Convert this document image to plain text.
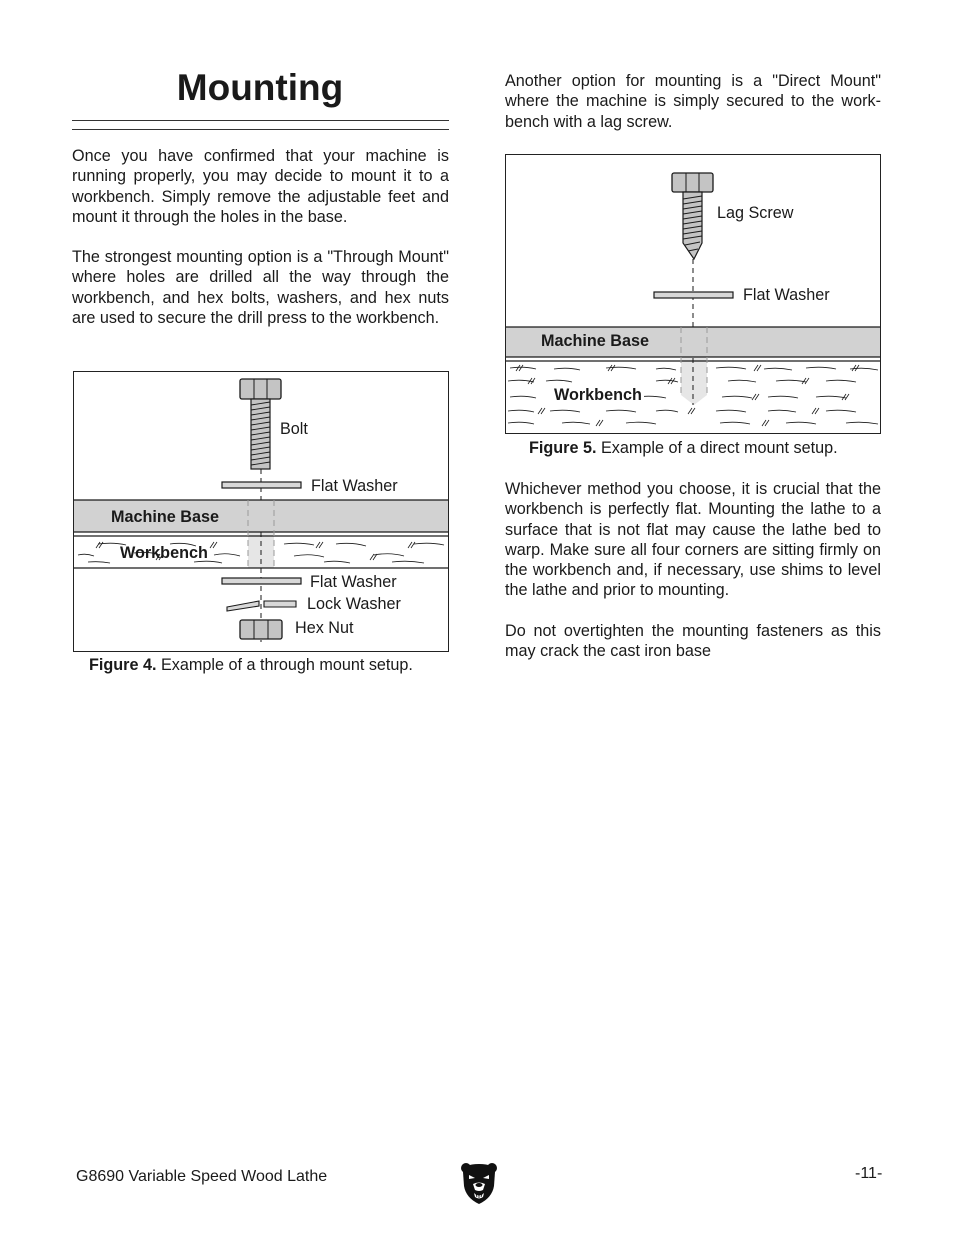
Mounting

Once you have confirmed that your machine is running properly, you may decide to mount it to a workbench. Simply remove the adjustable feet and mount it through the holes in the base.

The strongest mounting option is a "Through Mount" where holes are drilled all the way through the workbench, and hex bolts, washers, and hex nuts are used to secure the drill press to the workbench.

Bolt
Flat Washer
Machine Base
Workbench
Flat Washer
Lock Washer
Hex Nut
Figure 4. Example of a through mount setup.

Another option for mounting is a "Direct Mount" where the machine is simply secured to the work-bench with a lag screw.

Lag Screw
Flat Washer
Machine Base
Workbench
Figure 5. Example of a direct mount setup.

Whichever method you choose, it is crucial that the workbench is perfectly flat. Mounting the lathe to a surface that is not flat may cause the lathe bed to warp. Make sure all four corners are sitting firmly on the workbench and, if necessary, use shims to level the lathe and prior to mounting.

Do not overtighten the mounting fasteners as this may crack the cast iron base

G8690 Variable Speed Wood Lathe	-11-
